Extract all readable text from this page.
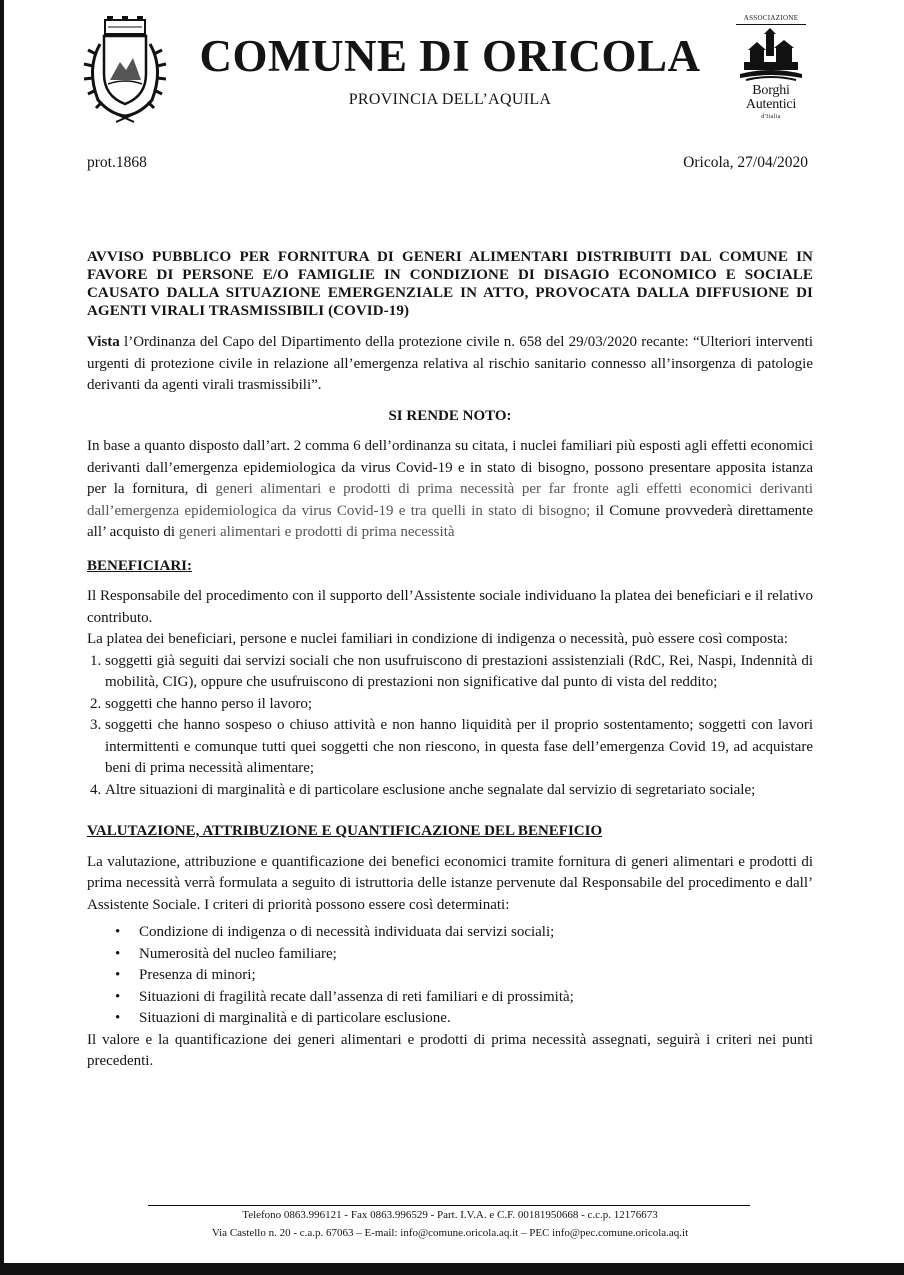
COMUNE DI ORICOLA
PROVINCIA DELL’AQUILA
ASSOCIAZIONE
Borghi
Autentici
d'Italia
prot.1868	Oricola, 27/04/2020

AVVISO PUBBLICO PER FORNITURA DI GENERI ALIMENTARI DISTRIBUITI DAL COMUNE IN FAVORE DI PERSONE E/O FAMIGLIE IN CONDIZIONE DI DISAGIO ECONOMICO E SOCIALE CAUSATO DALLA SITUAZIONE EMERGENZIALE IN ATTO, PROVOCATA DALLA DIFFUSIONE DI AGENTI VIRALI TRASMISSIBILI (COVID-19)

Vista l’Ordinanza del Capo del Dipartimento della protezione civile n. 658 del 29/03/2020 recante: “Ulteriori interventi urgenti di protezione civile in relazione all’emergenza relativa al rischio sanitario connesso all’insorgenza di patologie derivanti da agenti virali trasmissibili”.

SI RENDE NOTO:

In base a quanto disposto dall’art. 2 comma 6 dell’ordinanza su citata, i nuclei familiari più esposti agli effetti economici derivanti dall’emergenza epidemiologica da virus Covid-19 e in stato di bisogno, possono presentare apposita istanza per la fornitura, di generi alimentari e prodotti di prima necessità per far fronte agli effetti economici derivanti dall’emergenza epidemiologica da virus Covid-19 e tra quelli in stato di bisogno; il Comune provvederà direttamente all’ acquisto di generi alimentari e prodotti di prima necessità

BENEFICIARI:

Il Responsabile del procedimento con il supporto dell’Assistente sociale individuano la platea dei beneficiari e il relativo contributo.

La platea dei beneficiari, persone e nuclei familiari in condizione di indigenza o necessità, può essere così composta:

1. soggetti già seguiti dai servizi sociali che non usufruiscono di prestazioni assistenziali (RdC, Rei, Naspi, Indennità di mobilità, CIG), oppure che usufruiscono di prestazioni non significative dal punto di vista del reddito;
2. soggetti che hanno perso il lavoro;
3. soggetti che hanno sospeso o chiuso attività e non hanno liquidità per il proprio sostentamento; soggetti con lavori intermittenti e comunque tutti quei soggetti che non riescono, in questa fase dell’emergenza Covid 19, ad acquistare beni di prima necessità alimentare;
4. Altre situazioni di marginalità e di particolare esclusione anche segnalate dal servizio di segretariato sociale;

VALUTAZIONE, ATTRIBUZIONE E QUANTIFICAZIONE DEL BENEFICIO

La valutazione, attribuzione e quantificazione dei benefici economici tramite fornitura di generi alimentari e prodotti di prima necessità verrà formulata a seguito di istruttoria delle istanze pervenute dal Responsabile del procedimento e dall’ Assistente Sociale. I criteri di priorità possono essere così determinati:

• Condizione di indigenza o di necessità individuata dai servizi sociali;
• Numerosità del nucleo familiare;
• Presenza di minori;
• Situazioni di fragilità recate dall’assenza di reti familiari e di prossimità;
• Situazioni di marginalità e di particolare esclusione.

Il valore e la quantificazione dei generi alimentari e prodotti di prima necessità assegnati, seguirà i criteri nei punti precedenti.

Telefono 0863.996121 - Fax 0863.996529 - Part. I.V.A. e C.F. 00181950668 - c.c.p. 12176673
Via Castello n. 20 - c.a.p. 67063 – E-mail: info@comune.oricola.aq.it – PEC info@pec.comune.oricola.aq.it
